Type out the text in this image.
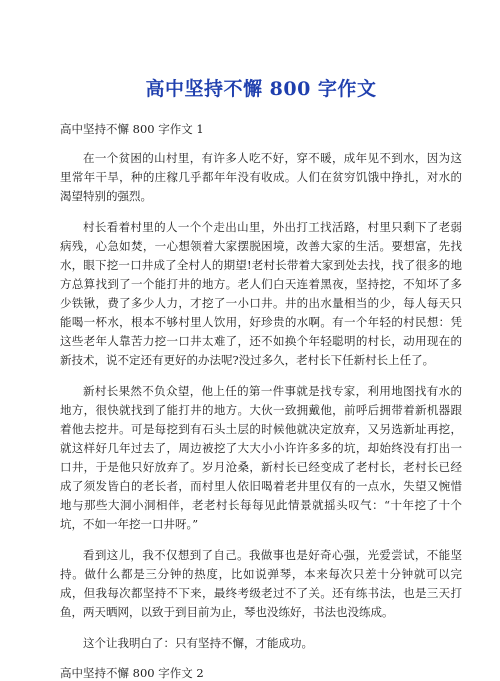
高中坚持不懈 800 字作文

高中坚持不懈 800 字作文 1

在一个贫困的山村里，有许多人吃不好，穿不暖，成年见不到水，因为这里常年干旱，种的庄稼几乎都年年没有收成。人们在贫穷饥饿中挣扎，对水的渴望特别的强烈。

村长看着村里的人一个个走出山里，外出打工找活路，村里只剩下了老弱病残，心急如焚，一心想领着大家摆脱困境，改善大家的生活。要想富，先找水，眼下挖一口井成了全村人的期望!老村长带着大家到处去找，找了很多的地方总算找到了一个能打井的地方。老人们白天连着黑夜，坚持挖，不知坏了多少铁锹，费了多少人力，才挖了一小口井。井的出水量相当的少，每人每天只能喝一杯水，根本不够村里人饮用，好珍贵的水啊。有一个年轻的村民想：凭这些老年人靠苦力挖一口井太难了，还不如换个年轻聪明的村长，动用现在的新技术，说不定还有更好的办法呢?没过多久，老村长下任新村长上任了。

新村长果然不负众望，他上任的第一件事就是找专家，利用地图找有水的地方，很快就找到了能打井的地方。大伙一致拥戴他，前呼后拥带着新机器跟着他去挖井。可是每挖到有石头土层的时候他就决定放弃，又另选新址再挖，就这样好几年过去了，周边被挖了大大小小许许多多的坑，却始终没有打出一口井，于是他只好放弃了。岁月沧桑，新村长已经变成了老村长，老村长已经成了须发皆白的老长者，而村里人依旧喝着老井里仅有的一点水，失望又惋惜地与那些大洞小洞相伴，老老村长每每见此情景就摇头叹气：“十年挖了十个坑，不如一年挖一口井呀。”

看到这儿，我不仅想到了自己。我做事也是好奇心强，光爱尝试，不能坚持。做什么都是三分钟的热度，比如说弹琴，本来每次只差十分钟就可以完成，但我每次都坚持不下来，最终考级老过不了关。还有练书法，也是三天打鱼，两天晒网，以致于到目前为止，琴也没练好，书法也没练成。

这个让我明白了：只有坚持不懈，才能成功。

高中坚持不懈 800 字作文 2
